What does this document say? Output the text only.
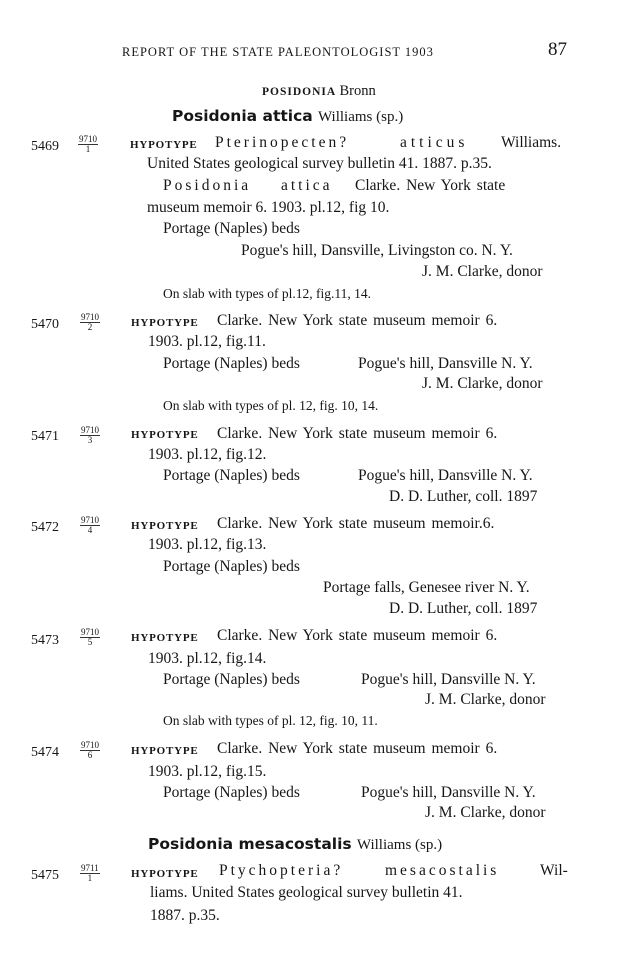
REPORT OF THE STATE PALEONTOLOGIST 1903	87
POSIDONIA Bronn
Posidonia attica Williams (sp.)
$5469 \frac{9710}{1}$	HYPOTYPE Pterinopecten?	atticus Williams.
United States geological survey bulletin 41. 1887. p.35.
Posidonia attica Clarke. New York state
museum memoir 6. 1903. pl.12, fig 10.
Portage (Naples) beds
Pogue's hill, Dansville, Livingston co. N. Y.
J. M. Clarke, donor
On slab with types of pl.12, fig.11, 14.
$5470 \frac{9710}{2}$	HYPOTYPE Clarke. New York state museum memoir 6.
1903. pl.12, fig.11.
Portage (Naples) beds	Pogue's hill, Dansville N. Y.
J. M. Clarke, donor
On slab with types of pl. 12, fig. 10, 14.
$5471 \frac{9710}{3}$	HYPOTYPE Clarke. New York state museum memoir 6.
1903. pl.12, fig.12.
Portage (Naples) beds	Pogue's hill, Dansville N. Y.
D. D. Luther, coll. 1897
$5472 \frac{9710}{4}$	HYPOTYPE Clarke. New York state museum memoir.6.
1903. pl.12, fig.13.
Portage (Naples) beds
Portage falls, Genesee river N. Y.
D. D. Luther, coll. 1897
$5473 \frac{9710}{5}$	HYPOTYPE Clarke. New York state museum memoir 6.
1903. pl.12, fig.14.
Portage (Naples) beds	Pogue's hill, Dansville N. Y.
J. M. Clarke, donor
On slab with types of pl. 12, fig. 10, 11.
$5474 \frac{9710}{6}$	HYPOTYPE Clarke. New York state museum memoir 6.
1903. pl.12, fig.15.
Portage (Naples) beds	Pogue's hill, Dansville N. Y.
J. M. Clarke, donor
Posidonia mesacostalis Williams (sp.)
$5475 \frac{9711}{1}$	HYPOTYPE Ptychopteria?	mesacostalis	Wil-
liams. United States geological survey bulletin 41.
1887. p.35.
